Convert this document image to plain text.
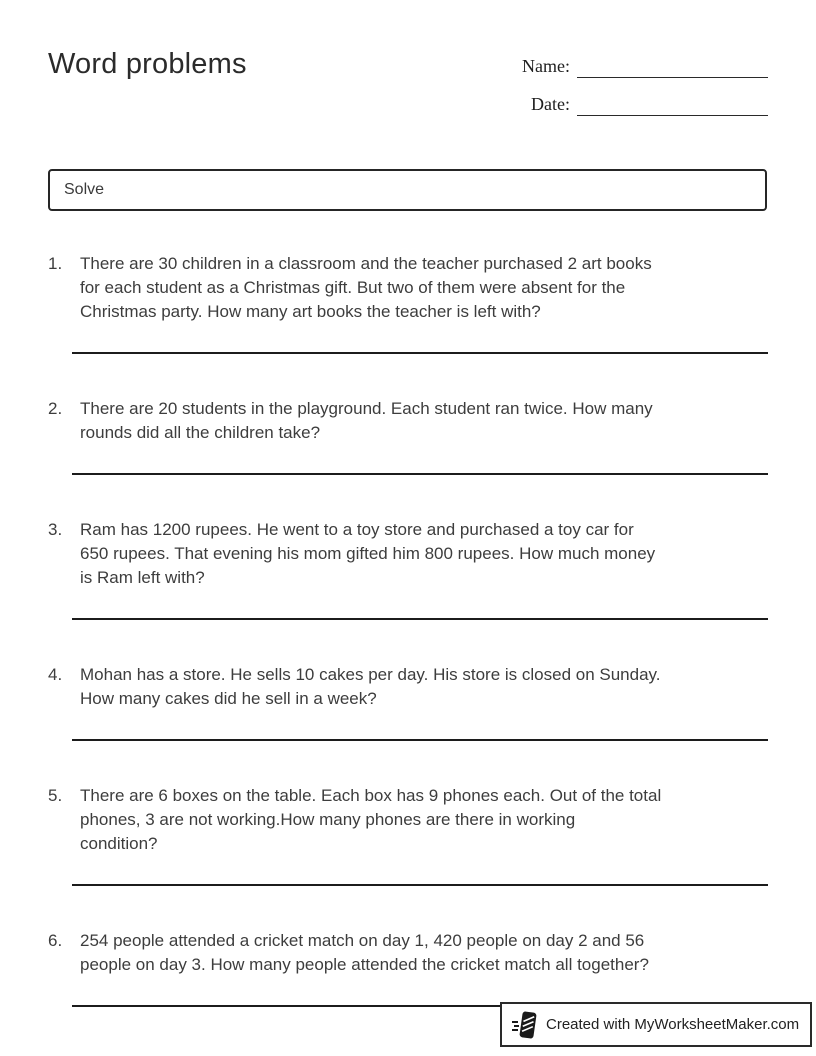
Word problems	Name:
Date:
Solve
1.	There are 30 children in a classroom and the teacher purchased 2 art books
for each student as a Christmas gift. But two of them were absent for the
Christmas party. How many art books the teacher is left with?
2.	There are 20 students in the playground. Each student ran twice. How many
rounds did all the children take?
3.	Ram has 1200 rupees. He went to a toy store and purchased a toy car for
650 rupees. That evening his mom gifted him 800 rupees. How much money
is Ram left with?
4.	Mohan has a store. He sells 10 cakes per day. His store is closed on Sunday.
How many cakes did he sell in a week?
5.	There are 6 boxes on the table. Each box has 9 phones each. Out of the total
phones, 3 are not working.How many phones are there in working
condition?
6.	254 people attended a cricket match on day 1, 420 people on day 2 and 56
people on day 3. How many people attended the cricket match all together?
Created with MyWorksheetMaker.com
